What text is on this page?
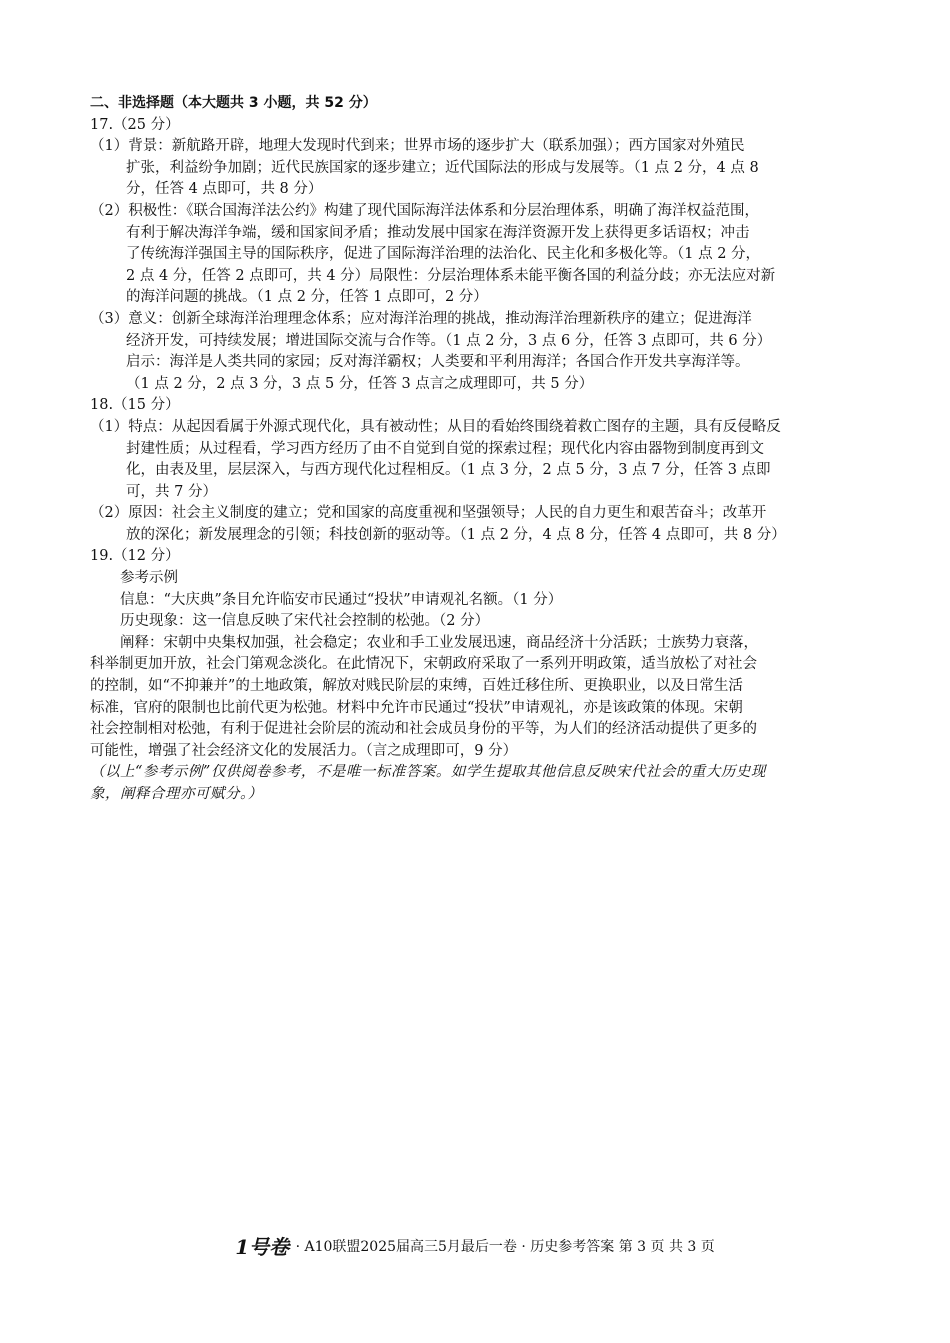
二、非选择题（本大题共 3 小题，共 52 分）
17.（25 分）
（1）背景：新航路开辟，地理大发现时代到来；世界市场的逐步扩大（联系加强）；西方国家对外殖民
扩张，利益纷争加剧；近代民族国家的逐步建立；近代国际法的形成与发展等。（1 点 2 分，4 点 8
分，任答 4 点即可，共 8 分）
（2）积极性：《联合国海洋法公约》构建了现代国际海洋法体系和分层治理体系，明确了海洋权益范围，
有利于解决海洋争端，缓和国家间矛盾；推动发展中国家在海洋资源开发上获得更多话语权；冲击
了传统海洋强国主导的国际秩序，促进了国际海洋治理的法治化、民主化和多极化等。（1 点 2 分，
2 点 4 分，任答 2 点即可，共 4 分）局限性：分层治理体系未能平衡各国的利益分歧；亦无法应对新
的海洋问题的挑战。（1 点 2 分，任答 1 点即可，2 分）
（3）意义：创新全球海洋治理理念体系；应对海洋治理的挑战，推动海洋治理新秩序的建立；促进海洋
经济开发，可持续发展；增进国际交流与合作等。（1 点 2 分，3 点 6 分，任答 3 点即可，共 6 分）
启示：海洋是人类共同的家园；反对海洋霸权；人类要和平利用海洋；各国合作开发共享海洋等。
（1 点 2 分，2 点 3 分，3 点 5 分，任答 3 点言之成理即可，共 5 分）
18.（15 分）
（1）特点：从起因看属于外源式现代化，具有被动性；从目的看始终围绕着救亡图存的主题，具有反侵略反
封建性质；从过程看，学习西方经历了由不自觉到自觉的探索过程；现代化内容由器物到制度再到文
化，由表及里，层层深入，与西方现代化过程相反。（1 点 3 分，2 点 5 分，3 点 7 分，任答 3 点即
可，共 7 分）
（2）原因：社会主义制度的建立；党和国家的高度重视和坚强领导；人民的自力更生和艰苦奋斗；改革开
放的深化；新发展理念的引领；科技创新的驱动等。（1 点 2 分，4 点 8 分，任答 4 点即可，共 8 分）
19.（12 分）
参考示例
信息：“大庆典”条目允许临安市民通过“投状”申请观礼名额。（1 分）
历史现象：这一信息反映了宋代社会控制的松弛。（2 分）
阐释：宋朝中央集权加强，社会稳定；农业和手工业发展迅速，商品经济十分活跃；士族势力衰落，
科举制更加开放，社会门第观念淡化。在此情况下，宋朝政府采取了一系列开明政策，适当放松了对社会
的控制，如“不抑兼并”的土地政策，解放对贱民阶层的束缚，百姓迁移住所、更换职业，以及日常生活
标准，官府的限制也比前代更为松弛。材料中允许市民通过“投状”申请观礼，亦是该政策的体现。宋朝
社会控制相对松弛，有利于促进社会阶层的流动和社会成员身份的平等，为人们的经济活动提供了更多的
可能性，增强了社会经济文化的发展活力。（言之成理即可，9 分）
（以上“参考示例”仅供阅卷参考，不是唯一标准答案。如学生提取其他信息反映宋代社会的重大历史现
象，阐释合理亦可赋分。）
1号卷 · A10联盟2025届高三5月最后一卷 · 历史参考答案 第 3 页 共 3 页
